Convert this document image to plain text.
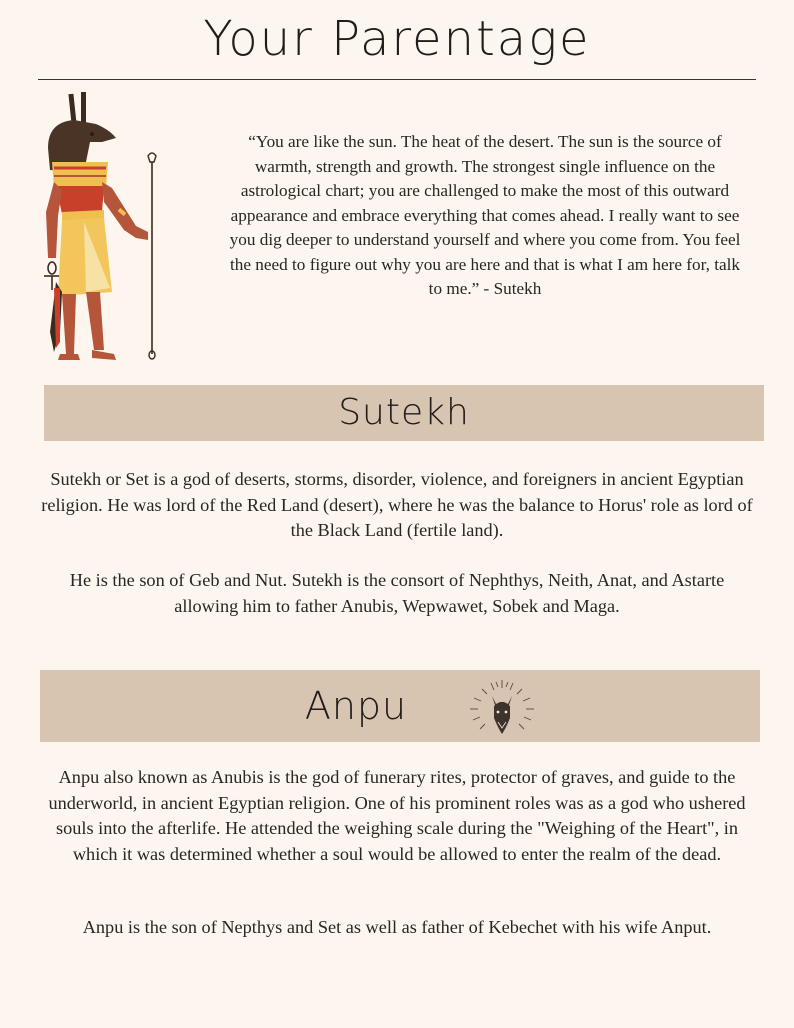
Your Parentage
“You are like the sun. The heat of the desert. The sun is the source of warmth, strength and growth. The strongest single influence on the astrological chart; you are challenged to make the most of this outward appearance and embrace everything that comes ahead. I really want to see you dig deeper to understand yourself and where you come from. You feel the need to figure out why you are here and that is what I am here for, talk to me.” - Sutekh
Sutekh

Sutekh or Set is a god of deserts, storms, disorder, violence, and foreigners in ancient Egyptian religion. He was lord of the Red Land (desert), where he was the balance to Horus' role as lord of the Black Land (fertile land).

He is the son of Geb and Nut. Sutekh is the consort of Nephthys, Neith, Anat, and Astarte allowing him to father Anubis, Wepwawet, Sobek and Maga.

Anpu

Anpu also known as Anubis is the god of funerary rites, protector of graves, and guide to the underworld, in ancient Egyptian religion. One of his prominent roles was as a god who ushered souls into the afterlife. He attended the weighing scale during the "Weighing of the Heart", in which it was determined whether a soul would be allowed to enter the realm of the dead.

Anpu is the son of Nepthys and Set as well as father of Kebechet with his wife Anput.
